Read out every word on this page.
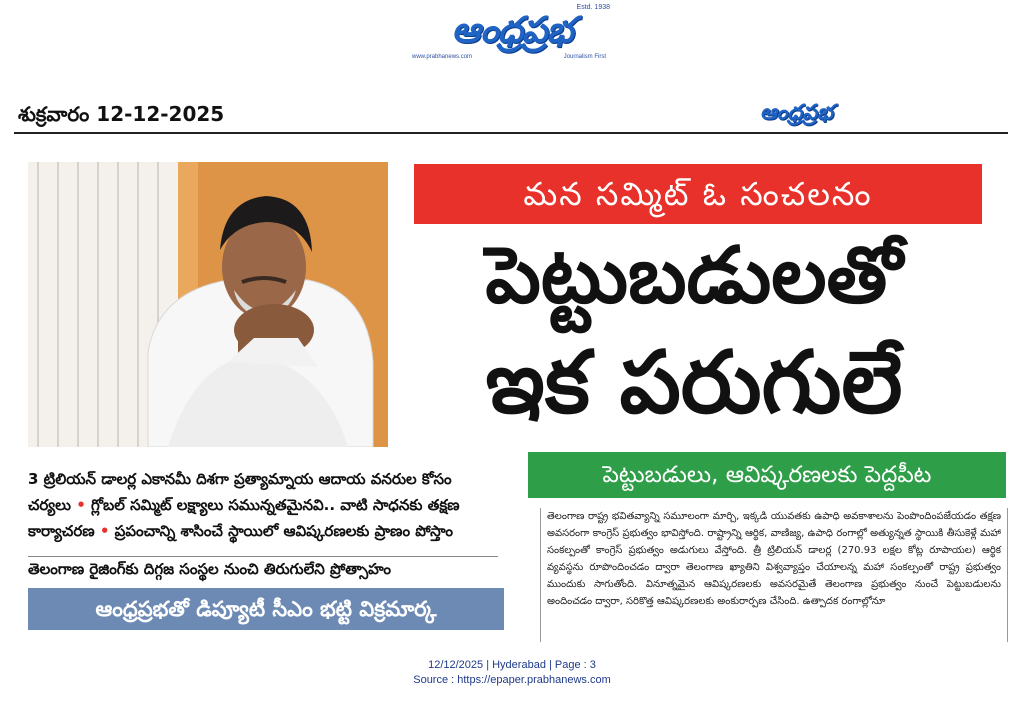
Estd. 1938
ఆంధ్రప్రభ
www.prabhanews.com	Journalism First
శుక్రవారం 12-12-2025	ఆంధ్రప్రభ
మన సమ్మిట్ ఓ సంచలనం
పెట్టుబడులతో
ఇక పరుగులే
3 ట్రిలియన్ డాలర్ల ఎకానమీ దిశగా ప్రత్యామ్నాయ ఆదాయ వనరుల కోసం
చర్యలు • గ్లోబల్ సమ్మిట్ లక్ష్యాలు సమున్నతమైనవి.. వాటి సాధనకు తక్షణ
కార్యాచరణ • ప్రపంచాన్ని శాసించే స్థాయిలో ఆవిష్కరణలకు ప్రాణం పోస్తాం
తెలంగాణ రైజింగ్‌కు దిగ్గజ సంస్థల నుంచి తిరుగులేని ప్రోత్సాహం
ఆంధ్రప్రభతో డిప్యూటీ సీఎం భట్టి విక్రమార్క
పెట్టుబడులు, ఆవిష్కరణలకు పెద్దపీట

తెలంగాణ రాష్ట్ర భవితవ్యాన్ని సమూలంగా మార్చి, ఇక్కడి యువతకు ఉపాధి అవకాశాలను పెంపొందింపజేయడం తక్షణ అవసరంగా కాంగ్రెస్ ప్రభుత్వం భావిస్తోంది. రాష్ట్రాన్ని ఆర్థిక, వాణిజ్య, ఉపాధి రంగాల్లో అత్యున్నత స్థాయికి తీసుకెళ్లే మహా సంకల్పంతో కాంగ్రెస్ ప్రభుత్వం అడుగులు వేస్తోంది. త్రీ ట్రిలియన్ డాలర్ల (270.93 లక్షల కోట్ల రూపాయల) ఆర్థిక వ్యవస్థను రూపొందించడం ద్వారా తెలంగాణ ఖ్యాతిని విశ్వవ్యాప్తం చేయాలన్న మహా సంకల్పంతో రాష్ట్ర ప్రభుత్వం ముందుకు సాగుతోంది. వినూత్నమైన ఆవిష్కరణలకు అవసరమైతే తెలంగాణ ప్రభుత్వం నుంచే పెట్టుబడులను అందించడం ద్వారా, సరికొత్త ఆవిష్కరణలకు అంకురార్పణ చేసింది. ఉత్పాదక రంగాల్లోనూ

12/12/2025 | Hyderabad | Page : 3
Source : https://epaper.prabhanews.com
